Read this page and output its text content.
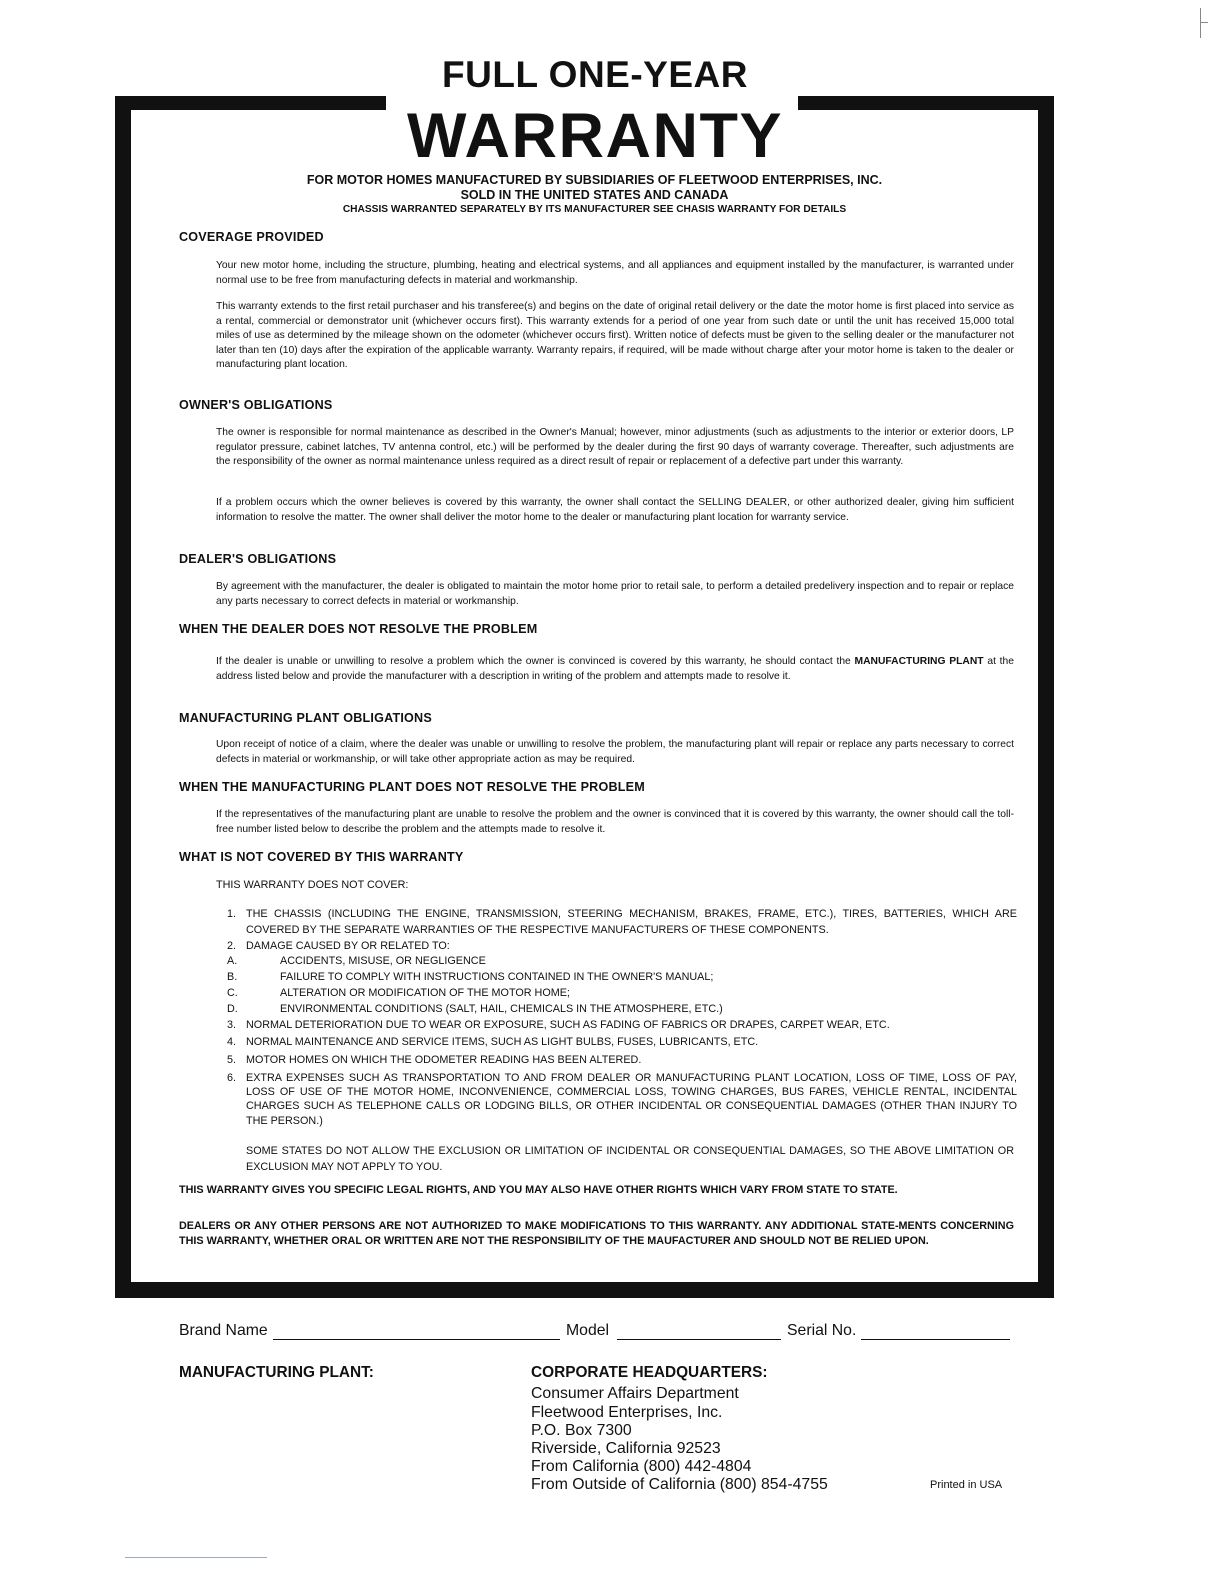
FULL ONE-YEAR
WARRANTY
FOR MOTOR HOMES MANUFACTURED BY SUBSIDIARIES OF FLEETWOOD ENTERPRISES, INC.
SOLD IN THE UNITED STATES AND CANADA
CHASSIS WARRANTED SEPARATELY BY ITS MANUFACTURER SEE CHASIS WARRANTY FOR DETAILS
COVERAGE PROVIDED
Your new motor home, including the structure, plumbing, heating and electrical systems, and all appliances and equipment installed by the manufacturer, is warranted under normal use to be free from manufacturing defects in material and workmanship.
This warranty extends to the first retail purchaser and his transferee(s) and begins on the date of original retail delivery or the date the motor home is first placed into service as a rental, commercial or demonstrator unit (whichever occurs first). This warranty extends for a period of one year from such date or until the unit has received 15,000 total miles of use as determined by the mileage shown on the odometer (whichever occurs first). Written notice of defects must be given to the selling dealer or the manufacturer not later than ten (10) days after the expiration of the applicable warranty. Warranty repairs, if required, will be made without charge after your motor home is taken to the dealer or manufacturing plant location.
OWNER'S OBLIGATIONS
The owner is responsible for normal maintenance as described in the Owner's Manual; however, minor adjustments (such as adjustments to the interior or exterior doors, LP regulator pressure, cabinet latches, TV antenna control, etc.) will be performed by the dealer during the first 90 days of warranty coverage. Thereafter, such adjustments are the responsibility of the owner as normal maintenance unless required as a direct result of repair or replacement of a defective part under this warranty.
If a problem occurs which the owner believes is covered by this warranty, the owner shall contact the SELLING DEALER, or other authorized dealer, giving him sufficient information to resolve the matter. The owner shall deliver the motor home to the dealer or manufacturing plant location for warranty service.
DEALER'S OBLIGATIONS
By agreement with the manufacturer, the dealer is obligated to maintain the motor home prior to retail sale, to perform a detailed predelivery inspection and to repair or replace any parts necessary to correct defects in material or workmanship.
WHEN THE DEALER DOES NOT RESOLVE THE PROBLEM
If the dealer is unable or unwilling to resolve a problem which the owner is convinced is covered by this warranty, he should contact the MANUFACTURING PLANT at the address listed below and provide the manufacturer with a description in writing of the problem and attempts made to resolve it.
MANUFACTURING PLANT OBLIGATIONS
Upon receipt of notice of a claim, where the dealer was unable or unwilling to resolve the problem, the manufacturing plant will repair or replace any parts necessary to correct defects in material or workmanship, or will take other appropriate action as may be required.
WHEN THE MANUFACTURING PLANT DOES NOT RESOLVE THE PROBLEM
If the representatives of the manufacturing plant are unable to resolve the problem and the owner is convinced that it is covered by this warranty, the owner should call the toll-free number listed below to describe the problem and the attempts made to resolve it.
WHAT IS NOT COVERED BY THIS WARRANTY
THIS WARRANTY DOES NOT COVER:
1. THE CHASSIS (INCLUDING THE ENGINE, TRANSMISSION, STEERING MECHANISM, BRAKES, FRAME, ETC.), TIRES, BATTERIES, WHICH ARE COVERED BY THE SEPARATE WARRANTIES OF THE RESPECTIVE MANUFACTURERS OF THESE COMPONENTS.
2. DAMAGE CAUSED BY OR RELATED TO:
A.	ACCIDENTS, MISUSE, OR NEGLIGENCE
B.	FAILURE TO COMPLY WITH INSTRUCTIONS CONTAINED IN THE OWNER'S MANUAL;
C.	ALTERATION OR MODIFICATION OF THE MOTOR HOME;
D.	ENVIRONMENTAL CONDITIONS (SALT, HAIL, CHEMICALS IN THE ATMOSPHERE, ETC.)
3. NORMAL DETERIORATION DUE TO WEAR OR EXPOSURE, SUCH AS FADING OF FABRICS OR DRAPES, CARPET WEAR, ETC.
4. NORMAL MAINTENANCE AND SERVICE ITEMS, SUCH AS LIGHT BULBS, FUSES, LUBRICANTS, ETC.
5. MOTOR HOMES ON WHICH THE ODOMETER READING HAS BEEN ALTERED.
6. EXTRA EXPENSES SUCH AS TRANSPORTATION TO AND FROM DEALER OR MANUFACTURING PLANT LOCATION, LOSS OF TIME, LOSS OF PAY, LOSS OF USE OF THE MOTOR HOME, INCONVENIENCE, COMMERCIAL LOSS, TOWING CHARGES, BUS FARES, VEHICLE RENTAL, INCIDENTAL CHARGES SUCH AS TELEPHONE CALLS OR LODGING BILLS, OR OTHER INCIDENTAL OR CONSEQUENTIAL DAMAGES (OTHER THAN INJURY TO THE PERSON.)
SOME STATES DO NOT ALLOW THE EXCLUSION OR LIMITATION OF INCIDENTAL OR CONSEQUENTIAL DAMAGES, SO THE ABOVE LIMITATION OR EXCLUSION MAY NOT APPLY TO YOU.
THIS WARRANTY GIVES YOU SPECIFIC LEGAL RIGHTS, AND YOU MAY ALSO HAVE OTHER RIGHTS WHICH VARY FROM STATE TO STATE.
DEALERS OR ANY OTHER PERSONS ARE NOT AUTHORIZED TO MAKE MODIFICATIONS TO THIS WARRANTY. ANY ADDITIONAL STATE-MENTS CONCERNING THIS WARRANTY, WHETHER ORAL OR WRITTEN ARE NOT THE RESPONSIBILITY OF THE MAUFACTURER AND SHOULD NOT BE RELIED UPON.
Brand Name	Model	Serial No.
MANUFACTURING PLANT:	CORPORATE HEADQUARTERS:
Consumer Affairs Department
Fleetwood Enterprises, Inc.
P.O. Box 7300
Riverside, California 92523
From California (800) 442-4804
From Outside of California (800) 854-4755	Printed in USA
